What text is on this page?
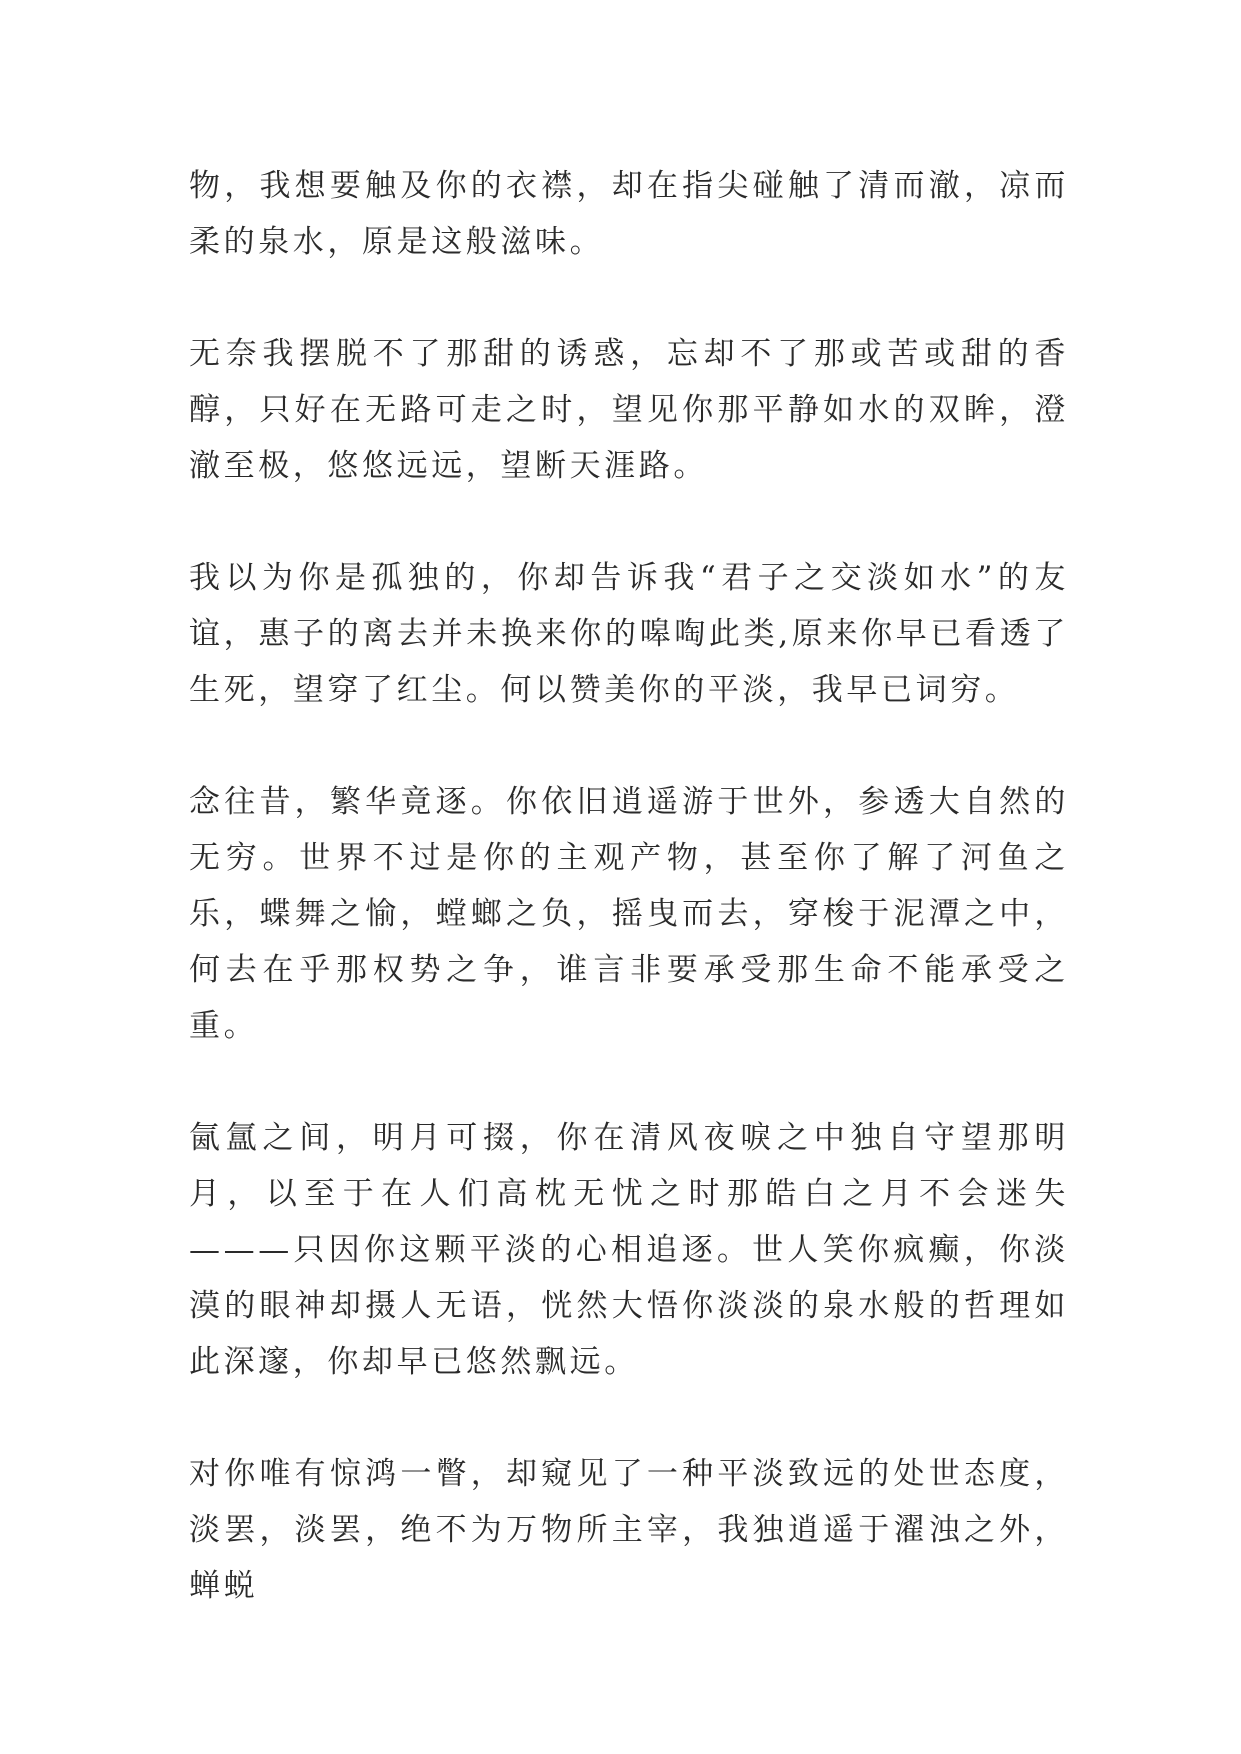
物，我想要触及你的衣襟，却在指尖碰触了清而澈，凉而柔的泉水，原是这般滋味。

无奈我摆脱不了那甜的诱惑，忘却不了那或苦或甜的香醇，只好在无路可走之时，望见你那平静如水的双眸，澄澈至极，悠悠远远，望断天涯路。

我以为你是孤独的，你却告诉我“君子之交淡如水”的友谊，惠子的离去并未换来你的嗥啕此类,原来你早已看透了生死，望穿了红尘。何以赞美你的平淡，我早已词穷。

念往昔，繁华竟逐。你依旧逍遥游于世外，参透大自然的无穷。世界不过是你的主观产物，甚至你了解了河鱼之乐，蝶舞之愉，螳螂之负，摇曳而去，穿梭于泥潭之中，何去在乎那权势之争，谁言非要承受那生命不能承受之重。

氤氲之间，明月可掇，你在清风夜唳之中独自守望那明月，以至于在人们高枕无忧之时那皓白之月不会迷失———只因你这颗平淡的心相追逐。世人笑你疯癫，你淡漠的眼神却摄人无语，恍然大悟你淡淡的泉水般的哲理如此深邃，你却早已悠然飘远。

对你唯有惊鸿一瞥，却窥见了一种平淡致远的处世态度，淡罢，淡罢，绝不为万物所主宰，我独逍遥于濯浊之外，蝉蜕
